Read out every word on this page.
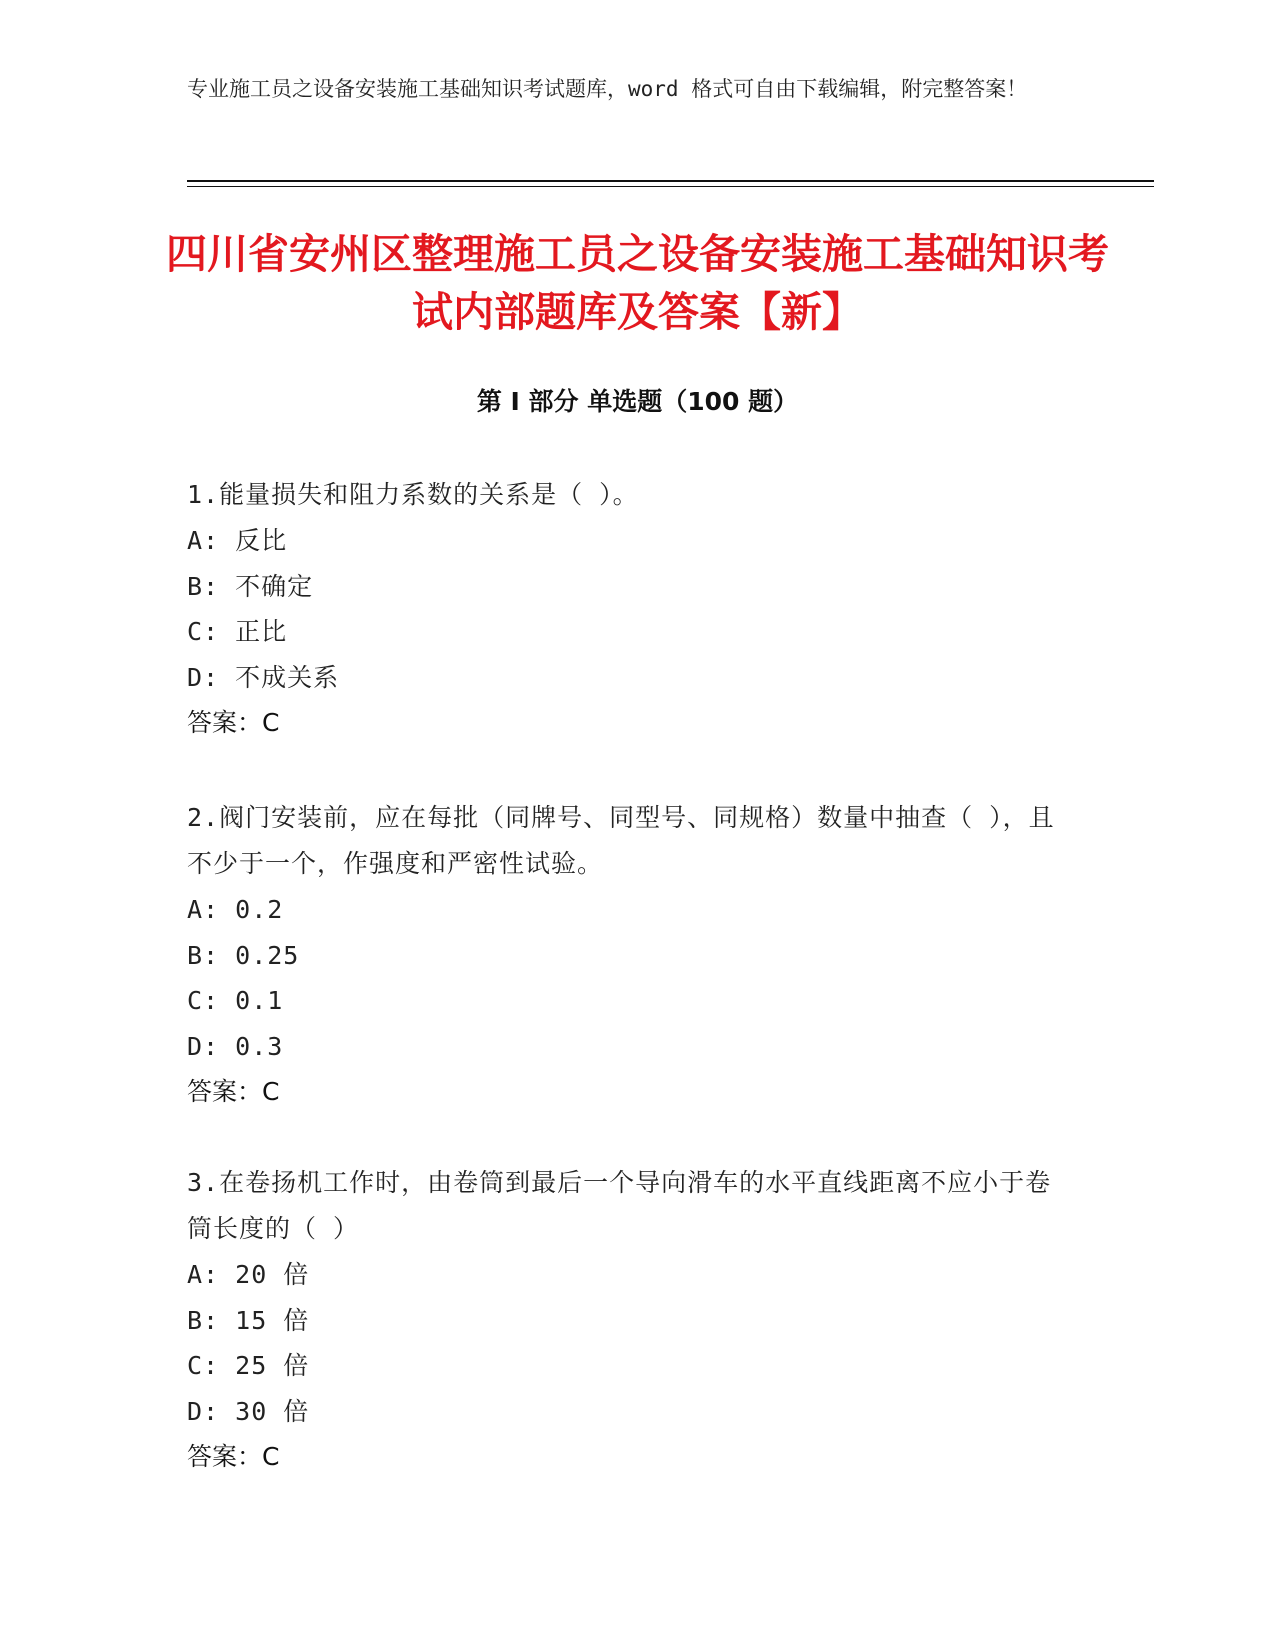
专业施工员之设备安装施工基础知识考试题库，word 格式可自由下载编辑，附完整答案！

四川省安州区整理施工员之设备安装施工基础知识考试内部题库及答案【新】
第 I 部分 单选题（100 题）

1.能量损失和阻力系数的关系是（ ）。

A: 反比

B: 不确定

C: 正比

D: 不成关系

答案：C

2.阀门安装前，应在每批（同牌号、同型号、同规格）数量中抽查（ ），且不少于一个，作强度和严密性试验。

A: 0.2

B: 0.25

C: 0.1

D: 0.3

答案：C

3.在卷扬机工作时，由卷筒到最后一个导向滑车的水平直线距离不应小于卷筒长度的（ ）

A: 20 倍

B: 15 倍

C: 25 倍

D: 30 倍

答案：C
